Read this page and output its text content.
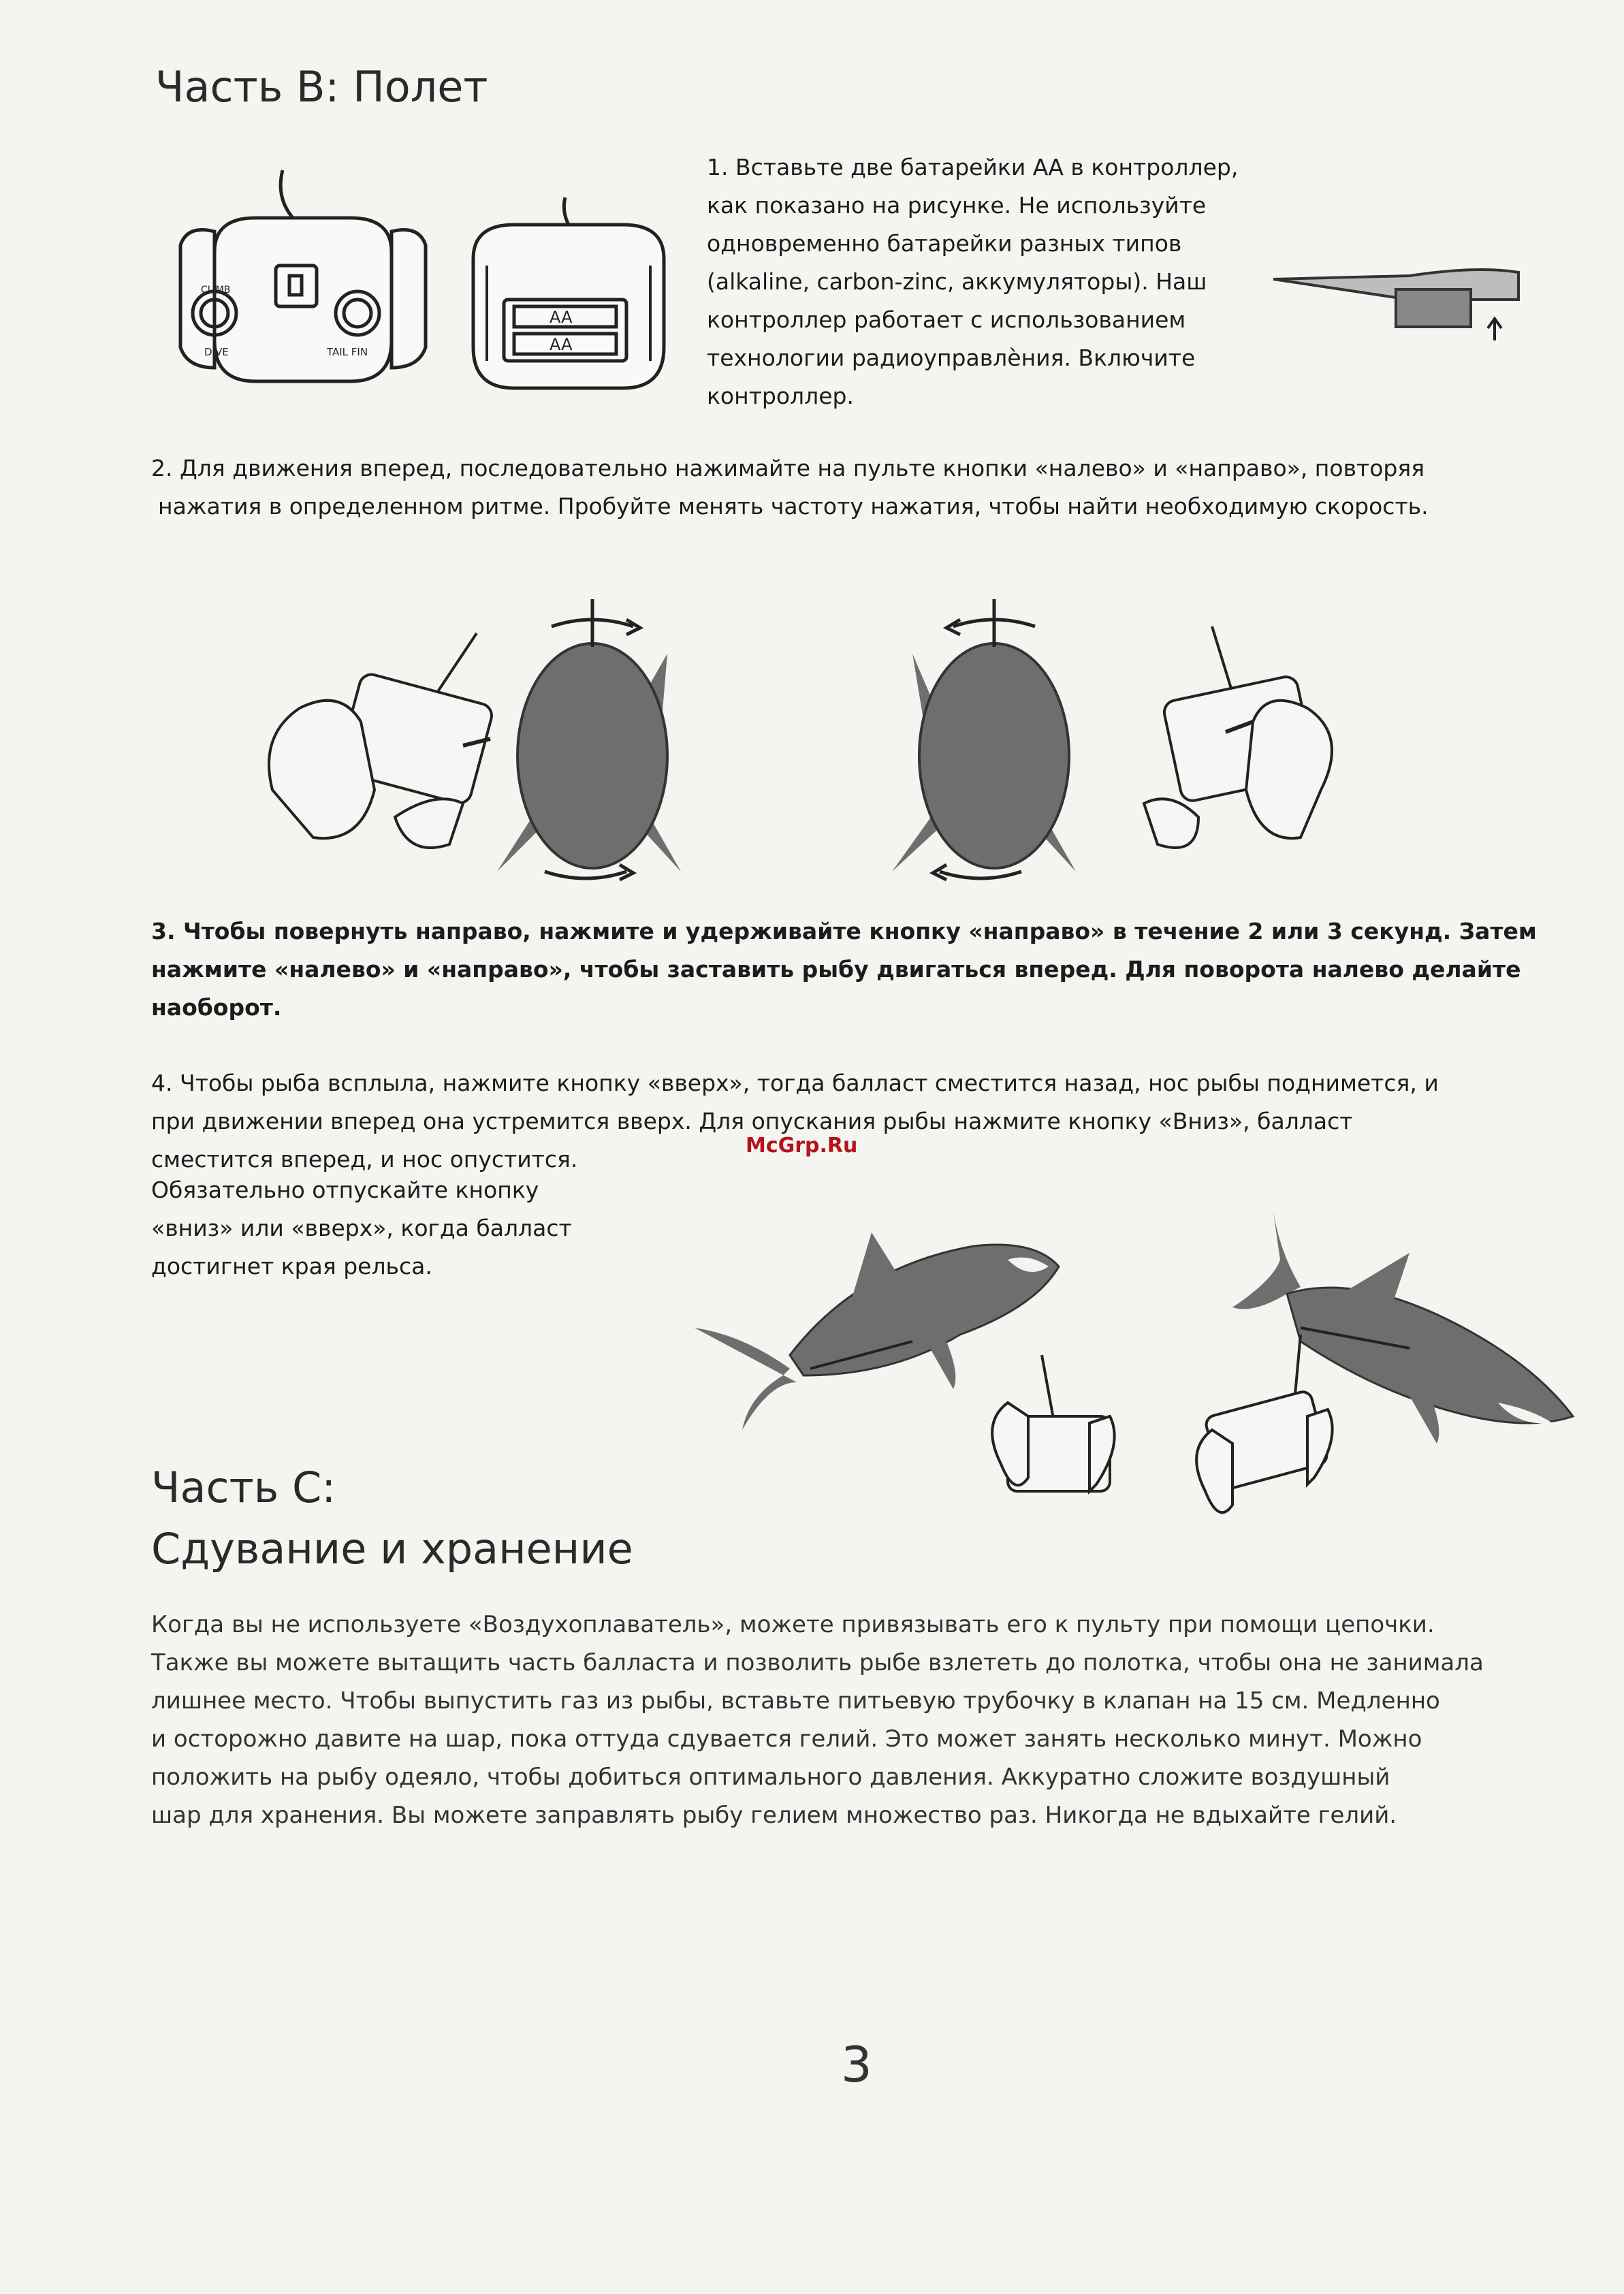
Часть B: Полет
CLIMB
DIVE	TAIL FIN
AA
AA

1. Вставьте две батарейки АА в контроллер,

как показано на рисунке. Не используйте

одновременно батарейки разных типов

(alkaline, carbon-zinc, аккумуляторы). Наш

контроллер работает с использованием

технологии радиоуправлѐния. Включите

контроллер.

2. Для движения вперед, последовательно нажимайте на пульте кнопки «налево» и «направо», повторяя

нажатия в определенном ритме. Пробуйте менять частоту нажатия, чтобы найти необходимую скорость.

3. Чтобы повернуть направо, нажмите и удерживайте кнопку «направо» в течение 2 или 3 секунд. Затем

нажмите «налево» и «направо», чтобы заставить рыбу двигаться вперед. Для поворота налево делайте

наоборот.

4. Чтобы рыба всплыла, нажмите кнопку «вверх», тогда балласт сместится назад, нос рыбы поднимется, и

при движении вперед она устремится вверх. Для опускания рыбы нажмите кнопку «Вниз», балласт

сместится вперед, и нос опустится.

McGrp.Ru

Обязательно отпускайте кнопку

«вниз» или «вверх», когда балласт

достигнет края рельса.

Часть C:
Сдувание и хранение

Когда вы не используете «Воздухоплаватель», можете привязывать его к пульту при помощи цепочки.

Также вы можете вытащить часть балласта и позволить рыбе взлететь до полотка, чтобы она не занимала

лишнее место. Чтобы выпустить газ из рыбы, вставьте питьевую трубочку в клапан на 15 см. Медленно

и осторожно давите на шар, пока оттуда сдувается гелий. Это может занять несколько минут. Можно

положить на рыбу одеяло, чтобы добиться оптимального давления. Аккуратно сложите воздушный

шар для хранения. Вы можете заправлять рыбу гелием множество раз. Никогда не вдыхайте гелий.

3
